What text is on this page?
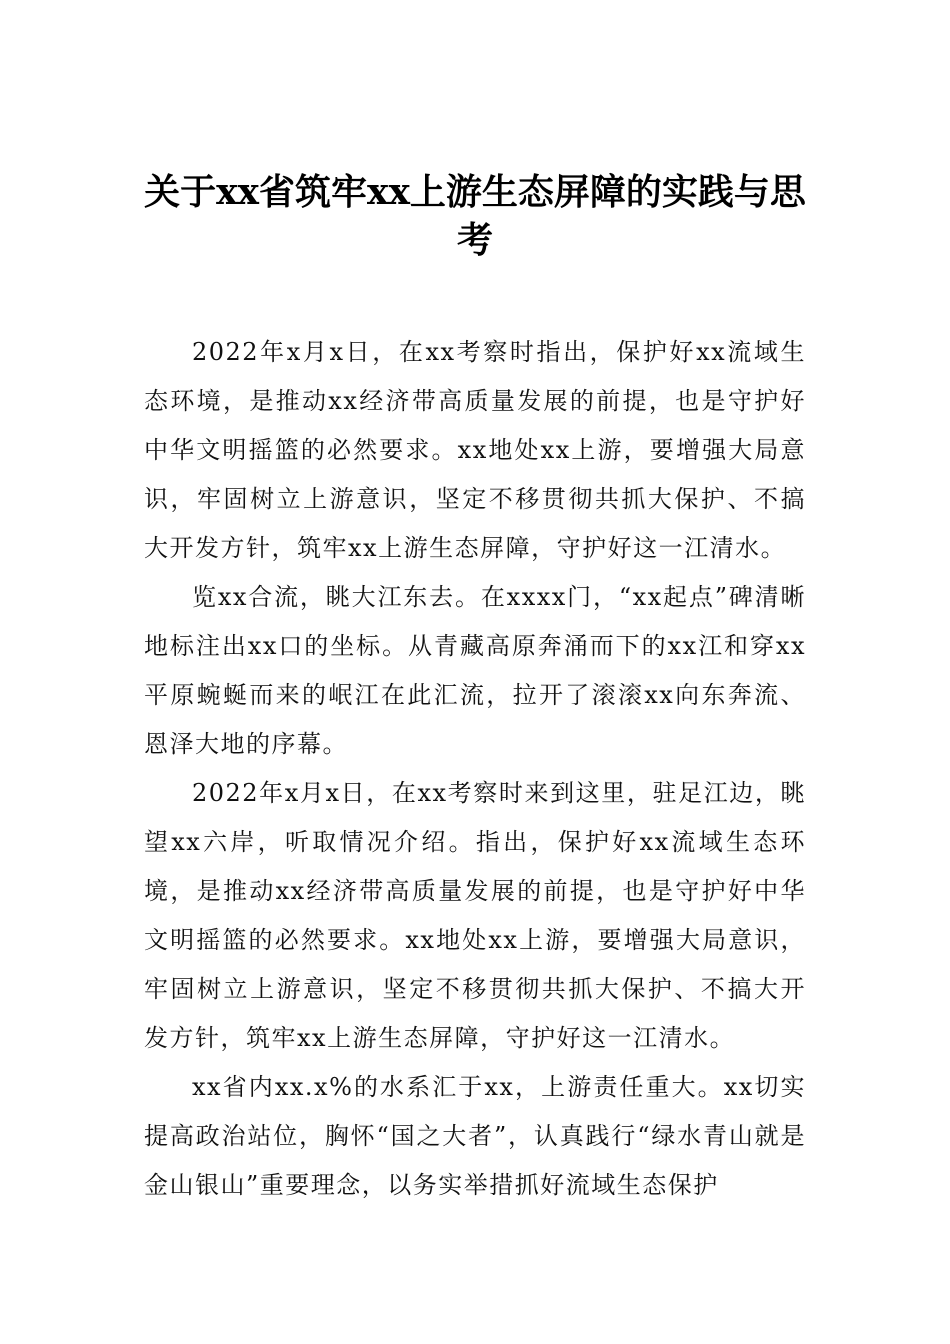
关于xx省筑牢xx上游生态屏障的实践与思考

2022年x月x日，在xx考察时指出，保护好xx流域生态环境，是推动xx经济带高质量发展的前提，也是守护好中华文明摇篮的必然要求。xx地处xx上游，要增强大局意识，牢固树立上游意识，坚定不移贯彻共抓大保护、不搞大开发方针，筑牢xx上游生态屏障，守护好这一江清水。

览xx合流，眺大江东去。在xxxx门，“xx起点”碑清晰地标注出xx口的坐标。从青藏高原奔涌而下的xx江和穿xx平原蜿蜒而来的岷江在此汇流，拉开了滚滚xx向东奔流、恩泽大地的序幕。

2022年x月x日，在xx考察时来到这里，驻足江边，眺望xx六岸，听取情况介绍。指出，保护好xx流域生态环境，是推动xx经济带高质量发展的前提，也是守护好中华文明摇篮的必然要求。xx地处xx上游，要增强大局意识，牢固树立上游意识，坚定不移贯彻共抓大保护、不搞大开发方针，筑牢xx上游生态屏障，守护好这一江清水。

xx省内xx.x%的水系汇于xx，上游责任重大。xx切实提高政治站位，胸怀“国之大者”，认真践行“绿水青山就是金山银山”重要理念，以务实举措抓好流域生态保护
